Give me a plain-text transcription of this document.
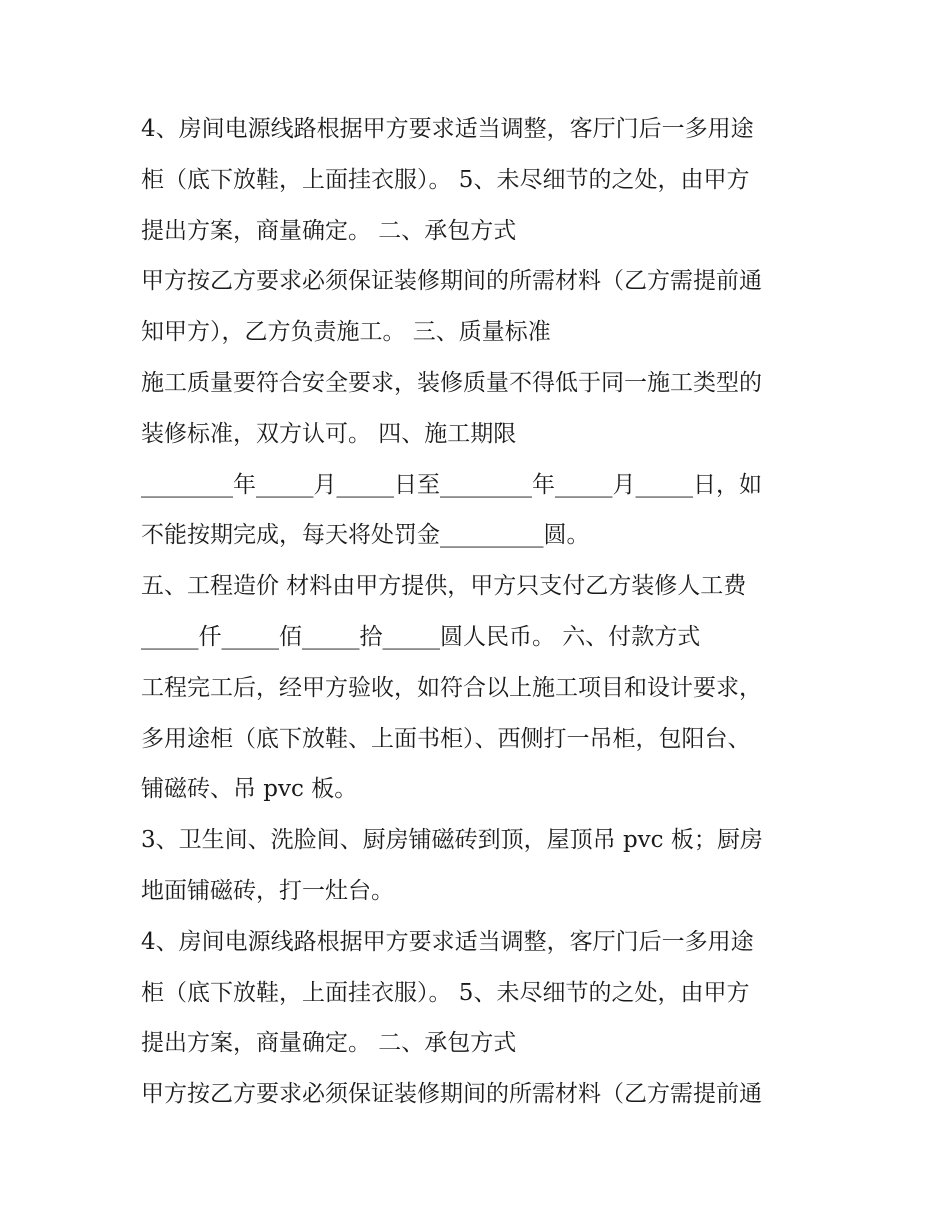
4、房间电源线路根据甲方要求适当调整，客厅门后一多用途
柜（底下放鞋，上面挂衣服）。 5、未尽细节的之处，由甲方
提出方案，商量确定。 二、承包方式
甲方按乙方要求必须保证装修期间的所需材料（乙方需提前通
知甲方），乙方负责施工。 三、质量标准
施工质量要符合安全要求，装修质量不得低于同一施工类型的
装修标准，双方认可。 四、施工期限
________年_____月_____日至________年_____月_____日，如
不能按期完成，每天将处罚金_________圆。
五、工程造价 材料由甲方提供，甲方只支付乙方装修人工费
_____仟_____佰_____拾_____圆人民币。 六、付款方式
工程完工后，经甲方验收，如符合以上施工项目和设计要求，
多用途柜（底下放鞋、上面书柜）、西侧打一吊柜，包阳台、
铺磁砖、吊 pvc 板。
3、卫生间、洗脸间、厨房铺磁砖到顶，屋顶吊 pvc 板；厨房
地面铺磁砖，打一灶台。
4、房间电源线路根据甲方要求适当调整，客厅门后一多用途
柜（底下放鞋，上面挂衣服）。 5、未尽细节的之处，由甲方
提出方案，商量确定。 二、承包方式
甲方按乙方要求必须保证装修期间的所需材料（乙方需提前通
